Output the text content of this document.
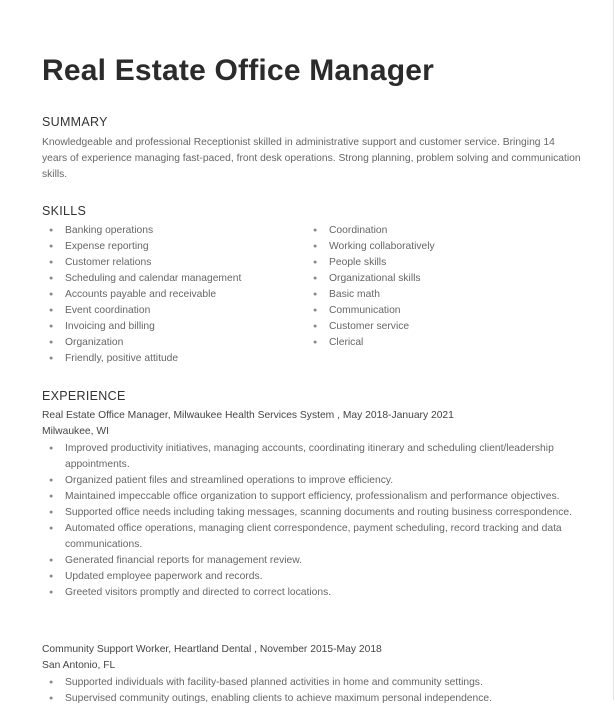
Real Estate Office Manager
SUMMARY

Knowledgeable and professional Receptionist skilled in administrative support and customer service. Bringing 14 years of experience managing fast-paced, front desk operations. Strong planning, problem solving and communication skills.

SKILLS
● Banking operations
● Expense reporting
● Customer relations
● Scheduling and calendar management
● Accounts payable and receivable
● Event coordination
● Invoicing and billing
● Organization
● Friendly, positive attitude
● Coordination
● Working collaboratively
● People skills
● Organizational skills
● Basic math
● Communication
● Customer service
● Clerical
EXPERIENCE

Real Estate Office Manager, Milwaukee Health Services System , May 2018-January 2021

Milwaukee, WI

● Improved productivity initiatives, managing accounts, coordinating itinerary and scheduling client/leadership appointments.
● Organized patient files and streamlined operations to improve efficiency.
● Maintained impeccable office organization to support efficiency, professionalism and performance objectives.
● Supported office needs including taking messages, scanning documents and routing business correspondence.
● Automated office operations, managing client correspondence, payment scheduling, record tracking and data communications.
● Generated financial reports for management review.
● Updated employee paperwork and records.
● Greeted visitors promptly and directed to correct locations.

Community Support Worker, Heartland Dental , November 2015-May 2018

San Antonio, FL

● Supported individuals with facility-based planned activities in home and community settings.
● Supervised community outings, enabling clients to achieve maximum personal independence.
